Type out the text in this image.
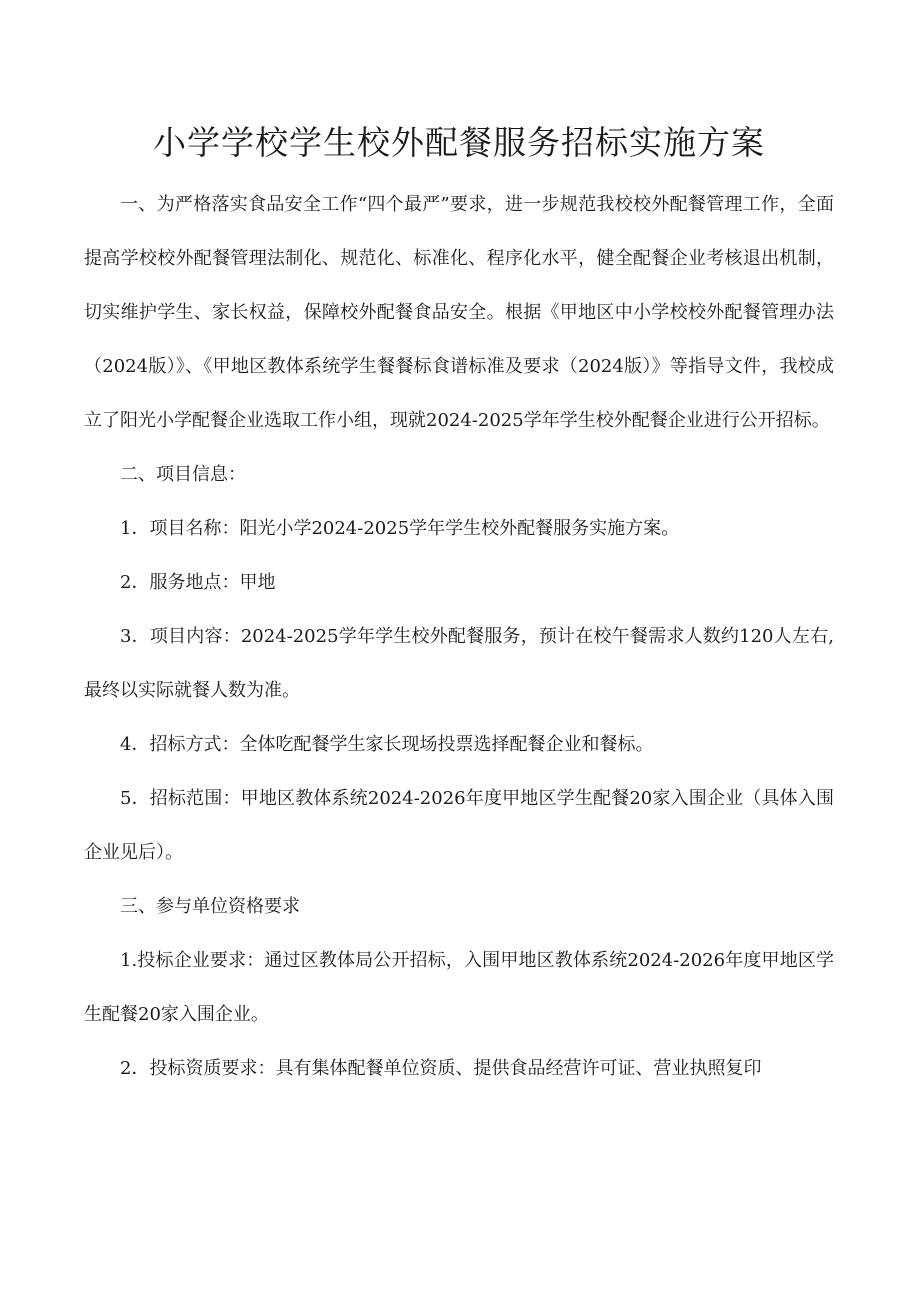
小学学校学生校外配餐服务招标实施方案

一、为严格落实食品安全工作“四个最严”要求，进一步规范我校校外配餐管理工作，全面提高学校校外配餐管理法制化、规范化、标准化、程序化水平，健全配餐企业考核退出机制，切实维护学生、家长权益，保障校外配餐食品安全。根据《甲地区中小学校校外配餐管理办法（2024版）》、《甲地区教体系统学生餐餐标食谱标准及要求（2024版）》等指导文件，我校成立了阳光小学配餐企业选取工作小组，现就2024-2025学年学生校外配餐企业进行公开招标。

二、项目信息：

1．项目名称：阳光小学2024-2025学年学生校外配餐服务实施方案。

2．服务地点：甲地

3．项目内容：2024-2025学年学生校外配餐服务，预计在校午餐需求人数约120人左右,最终以实际就餐人数为准。

4．招标方式：全体吃配餐学生家长现场投票选择配餐企业和餐标。

5．招标范围：甲地区教体系统2024-2026年度甲地区学生配餐20家入围企业（具体入围企业见后）。

三、参与单位资格要求

1.投标企业要求：通过区教体局公开招标，入围甲地区教体系统2024-2026年度甲地区学生配餐20家入围企业。

2．投标资质要求：具有集体配餐单位资质、提供食品经营许可证、营业执照复印
